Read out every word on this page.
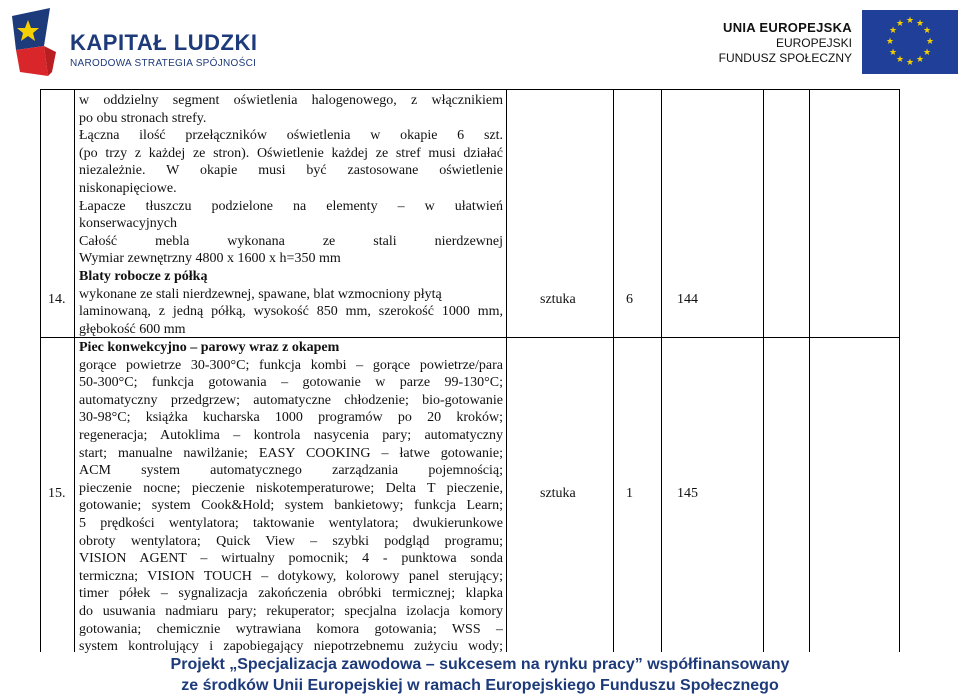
KAPITAŁ LUDZKI
NARODOWA STRATEGIA SPÓJNOŚCI
UNIA EUROPEJSKA
EUROPEJSKI
FUNDUSZ SPOŁECZNY
★ ★
★
★
★
★
★
★
★
★
★
★
14.
w oddzielny segment oświetlenia halogenowego, z włącznikiem
po obu stronach strefy.
Łączna ilość przełączników oświetlenia w okapie 6 szt.
(po trzy z każdej ze stron). Oświetlenie każdej ze stref musi działać
niezależnie. W okapie musi być zastosowane oświetlenie
niskonapięciowe.
Łapacze tłuszczu podzielone na elementy – w ułatwień
konserwacyjnych
Całość mebla wykonana ze stali nierdzewnej
Wymiar zewnętrzny 4800 x 1600 x h=350 mm
Blaty robocze z półką
wykonane ze stali nierdzewnej, spawane, blat wzmocniony płytą
laminowaną, z jedną półką, wysokość 850 mm, szerokość 1000 mm,
głębokość 600 mm
sztuka	6	144
15.
Piec konwekcyjno – parowy wraz z okapem
gorące powietrze 30-300°C; funkcja kombi – gorące powietrze/para
50-300°C; funkcja gotowania – gotowanie w parze 99-130°C;
automatyczny przedgrzew; automatyczne chłodzenie; bio-gotowanie
30-98°C; książka kucharska 1000 programów po 20 kroków;
regeneracja; Autoklima – kontrola nasycenia pary; automatyczny
start; manualne nawilżanie; EASY COOKING – łatwe gotowanie;
ACM system automatycznego zarządzania pojemnością;
pieczenie nocne; pieczenie niskotemperaturowe; Delta T pieczenie,
gotowanie; system Cook&Hold; system bankietowy; funkcja Learn;
5 prędkości wentylatora; taktowanie wentylatora; dwukierunkowe
obroty wentylatora; Quick View – szybki podgląd programu;
VISION AGENT – wirtualny pomocnik; 4 - punktowa sonda
termiczna; VISION TOUCH – dotykowy, kolorowy panel sterujący;
timer półek – sygnalizacja zakończenia obróbki termicznej; klapka
do usuwania nadmiaru pary; rekuperator; specjalna izolacja komory
gotowania; chemicznie wytrawiana komora gotowania; WSS –
system kontrolujący i zapobiegający niepotrzebnemu zużyciu wody;
sztuka	1	145
Projekt „Specjalizacja zawodowa – sukcesem na rynku pracy” współfinansowany
ze środków Unii Europejskiej w ramach Europejskiego Funduszu Społecznego
